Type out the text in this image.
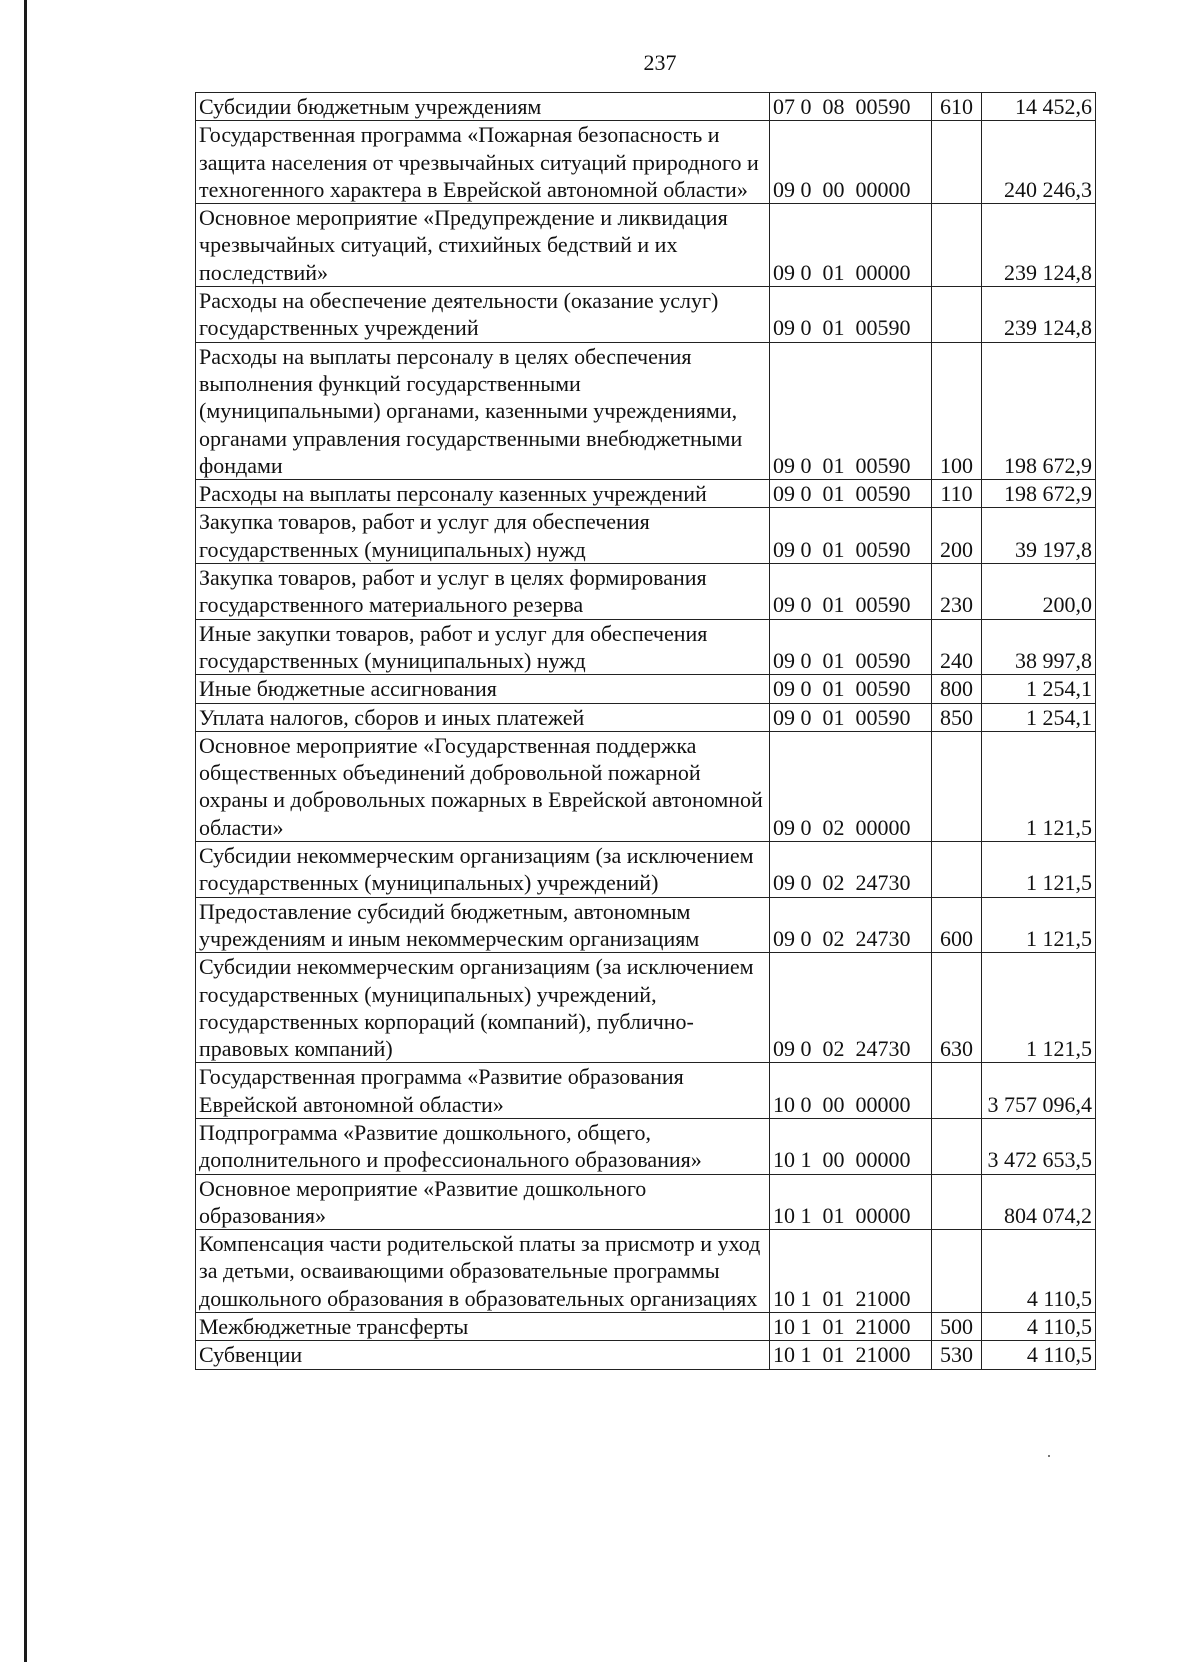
237
Субсидии бюджетным учреждениям	07 0  08  00590	610	14 452,6
Государственная программа «Пожарная безопасность и защита населения от чрезвычайных ситуаций природного и техногенного характера в Еврейской автономной области»	09 0  00  00000		240 246,3
Основное мероприятие «Предупреждение и ликвидация чрезвычайных ситуаций, стихийных бедствий и их последствий»	09 0  01  00000		239 124,8
Расходы на обеспечение деятельности (оказание услуг) государственных учреждений	09 0  01  00590		239 124,8
Расходы на выплаты персоналу в целях обеспечения выполнения функций государственными (муниципальными) органами, казенными учреждениями, органами управления государственными внебюджетными фондами	09 0  01  00590	100	198 672,9
Расходы на выплаты персоналу казенных учреждений	09 0  01  00590	110	198 672,9
Закупка товаров, работ и услуг для обеспечения государственных (муниципальных) нужд	09 0  01  00590	200	39 197,8
Закупка товаров, работ и услуг в целях формирования государственного материального резерва	09 0  01  00590	230	200,0
Иные закупки товаров, работ и услуг для обеспечения государственных (муниципальных) нужд	09 0  01  00590	240	38 997,8
Иные бюджетные ассигнования	09 0  01  00590	800	1 254,1
Уплата налогов, сборов и иных платежей	09 0  01  00590	850	1 254,1
Основное мероприятие «Государственная поддержка общественных объединений добровольной пожарной охраны и добровольных пожарных в Еврейской автономной области»	09 0  02  00000		1 121,5
Субсидии некоммерческим организациям (за исключением государственных (муниципальных) учреждений)	09 0  02  24730		1 121,5
Предоставление субсидий бюджетным, автономным учреждениям и иным некоммерческим организациям	09 0  02  24730	600	1 121,5
Субсидии некоммерческим организациям (за исключением государственных (муниципальных) учреждений, государственных корпораций (компаний), публично-правовых компаний)	09 0  02  24730	630	1 121,5
Государственная программа «Развитие образования Еврейской автономной области»	10 0  00  00000		3 757 096,4
Подпрограмма «Развитие дошкольного, общего, дополнительного и профессионального образования»	10 1  00  00000		3 472 653,5
Основное мероприятие «Развитие дошкольного образования»	10 1  01  00000		804 074,2
Компенсация части родительской платы за присмотр и уход за детьми, осваивающими образовательные программы дошкольного образования в образовательных организациях	10 1  01  21000		4 110,5
Межбюджетные трансферты	10 1  01  21000	500	4 110,5
Субвенции	10 1  01  21000	530	4 110,5
